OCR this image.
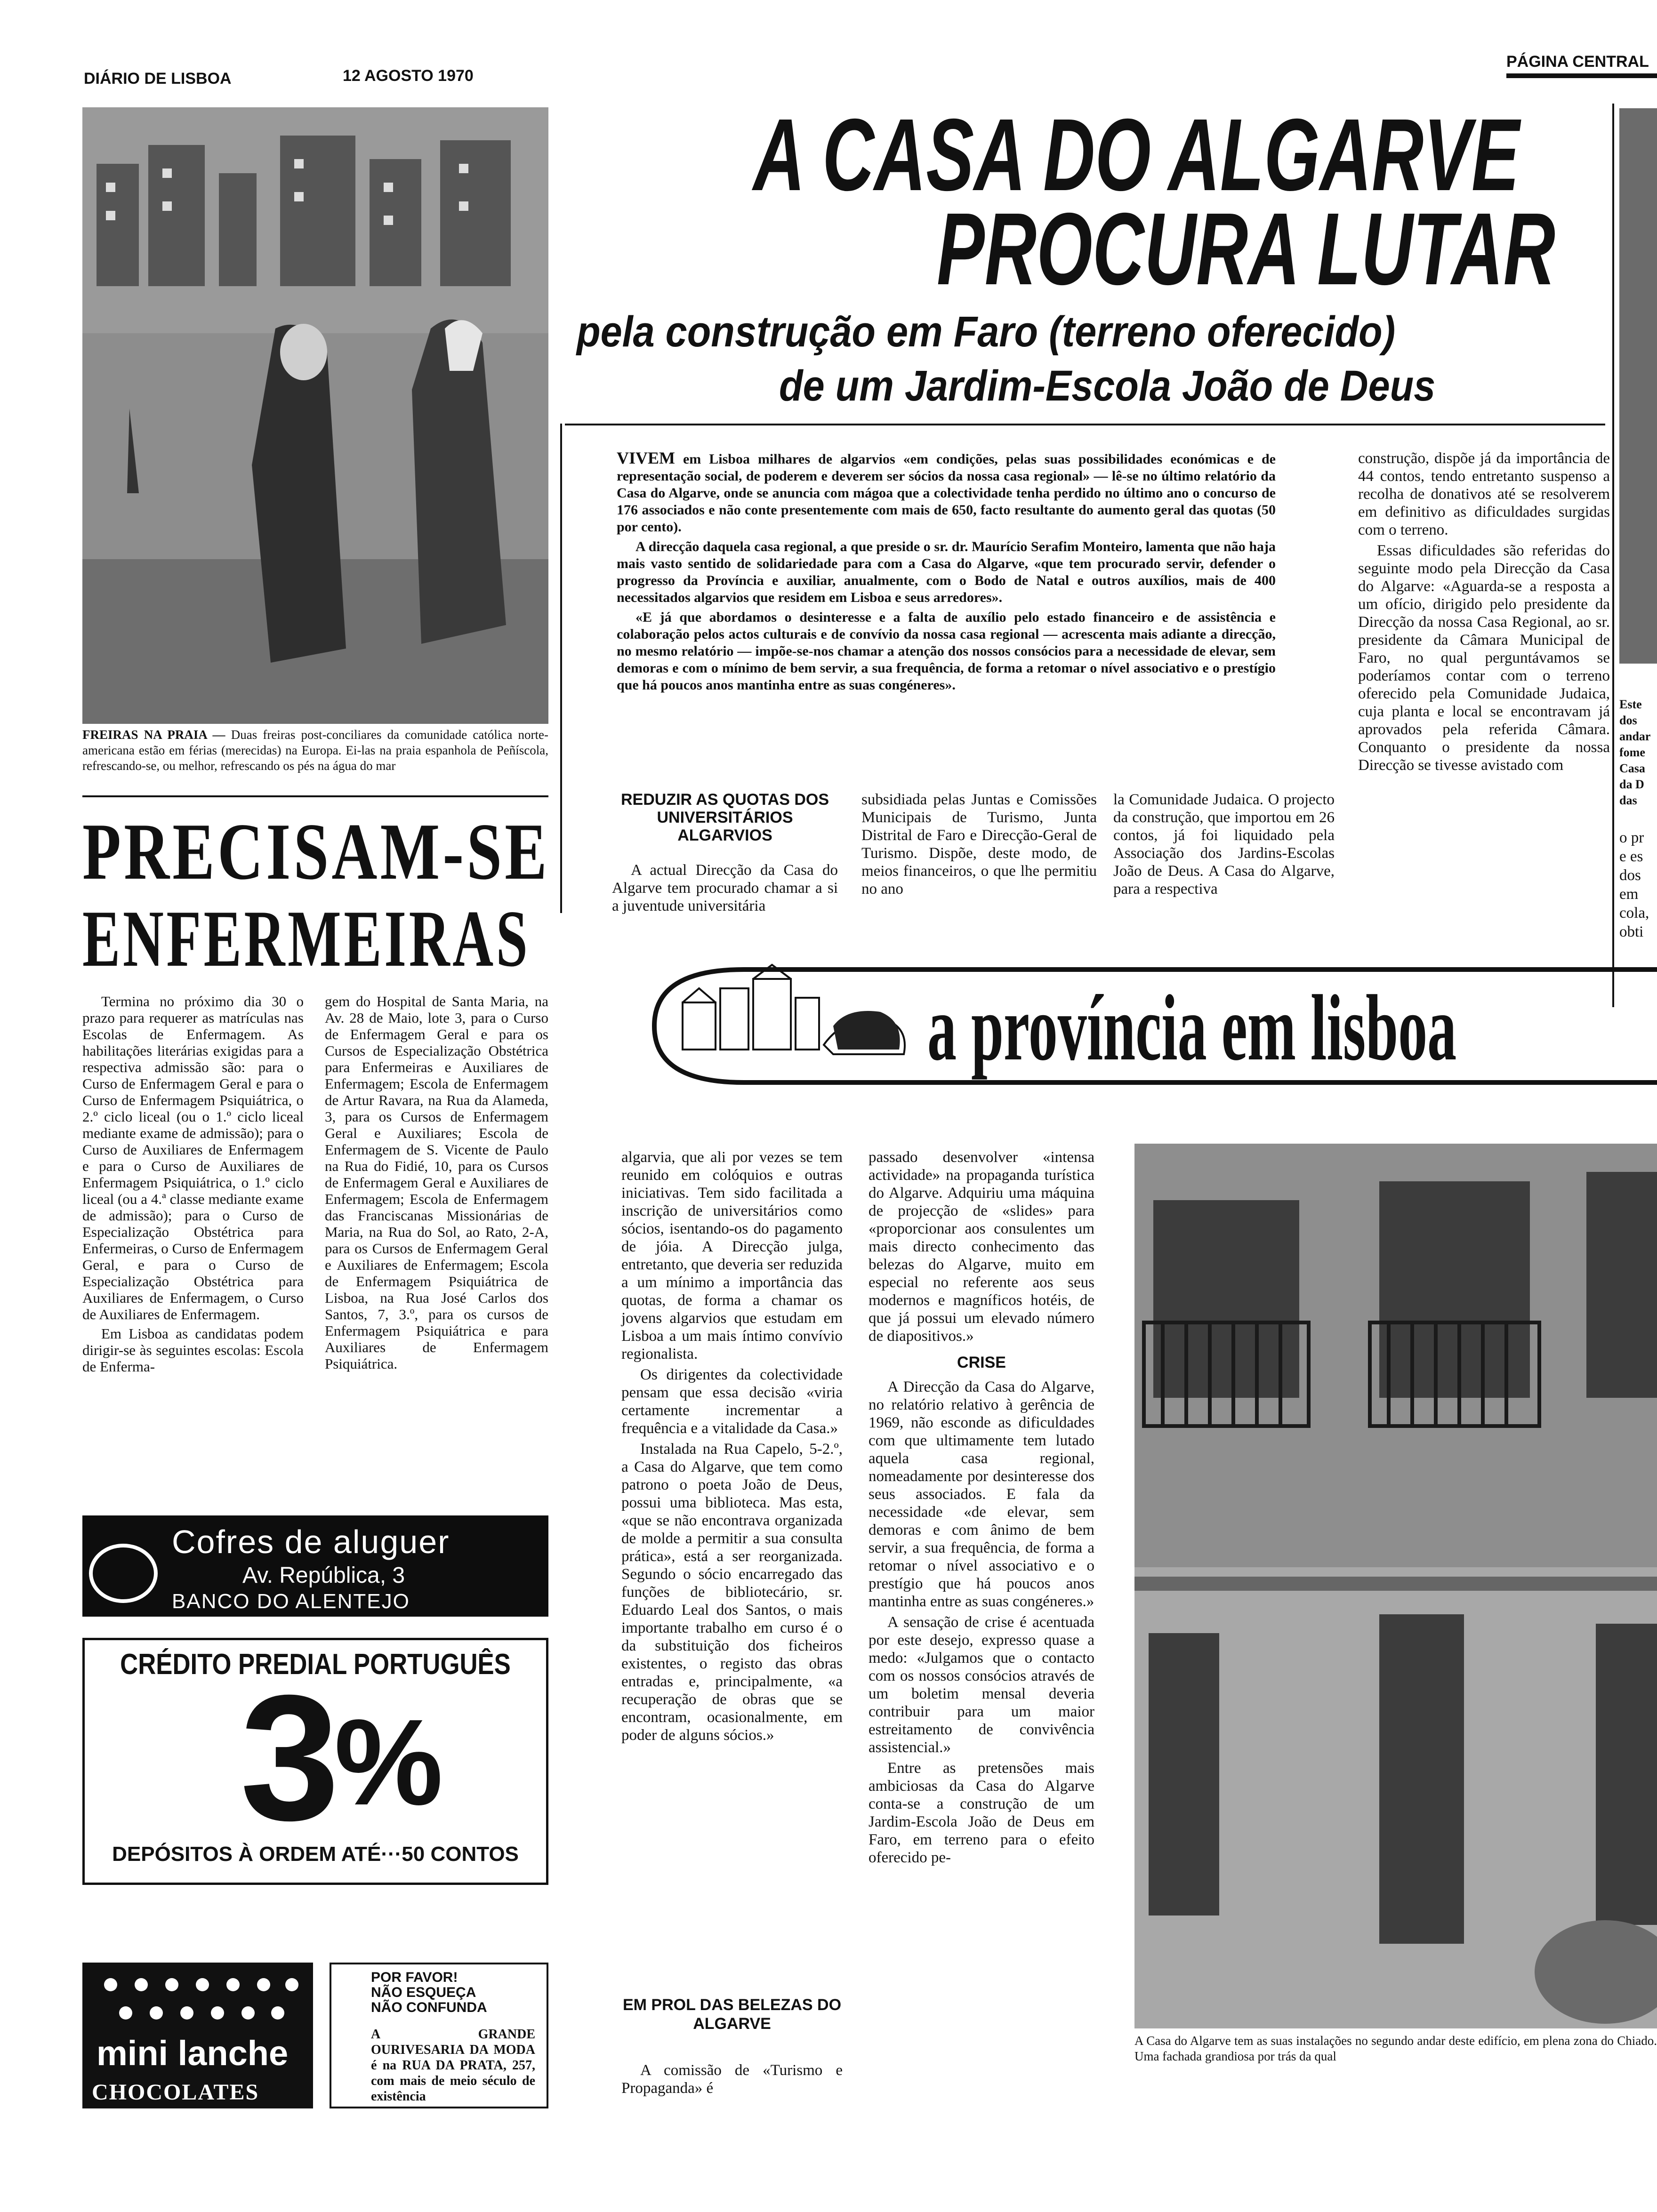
DIÁRIO DE LISBOA	12 AGOSTO 1970
PÁGINA CENTRAL
FREIRAS NA PRAIA — Duas freiras post-conciliares da comunidade católica norte-americana estão em férias (merecidas) na Europa. Ei-las na praia espanhola de Peñíscola, refrescando-se, ou melhor, refrescando os pés na água do mar
PRECISAM-SE
ENFERMEIRAS

Termina no próximo dia 30 o prazo para requerer as matrículas nas Escolas de Enfermagem. As habilitações literárias exigidas para a respectiva admissão são: para o Curso de Enfermagem Geral e para o Curso de Enfermagem Psiquiátrica, o 2.º ciclo liceal (ou o 1.º ciclo liceal mediante exame de admissão); para o Curso de Auxiliares de Enfermagem e para o Curso de Auxiliares de Enfermagem Psiquiátrica, o 1.º ciclo liceal (ou a 4.ª classe mediante exame de admissão); para o Curso de Especialização Obstétrica para Enfermeiras, o Curso de Enfermagem Geral, e para o Curso de Especialização Obstétrica para Auxiliares de Enfermagem, o Curso de Auxiliares de Enfermagem.

Em Lisboa as candidatas podem dirigir-se às seguintes escolas: Escola de Enferma-

gem do Hospital de Santa Maria, na Av. 28 de Maio, lote 3, para o Curso de Enfermagem Geral e para os Cursos de Especialização Obstétrica para Enfermeiras e Auxiliares de Enfermagem; Escola de Enfermagem de Artur Ravara, na Rua da Alameda, 3, para os Cursos de Enfermagem Geral e Auxiliares; Escola de Enfermagem de S. Vicente de Paulo na Rua do Fidié, 10, para os Cursos de Enfermagem Geral e Auxiliares de Enfermagem; Escola de Enfermagem das Franciscanas Missionárias de Maria, na Rua do Sol, ao Rato, 2-A, para os Cursos de Enfermagem Geral e Auxiliares de Enfermagem; Escola de Enfermagem Psiquiátrica de Lisboa, na Rua José Carlos dos Santos, 7, 3.º, para os cursos de Enfermagem Psiquiátrica e para Auxiliares de Enfermagem Psiquiátrica.

Cofres de aluguer
Av. República, 3
BANCO DO ALENTEJO
CRÉDITO PREDIAL PORTUGUÊS
3
%
DEPÓSITOS À ORDEM ATÉ···50 CONTOS
mini lanche
CHOCOLATES TAGIDES
POR FAVOR!
NÃO ESQUEÇA
NÃO CONFUNDA
A GRANDE OURIVESARIA DA MODA é na RUA DA PRATA, 257, com mais de meio século de existência
A CASA DO ALGARVE
PROCURA LUTAR
pela construção em Faro (terreno oferecido)
de um Jardim-Escola João de Deus

VIVEM em Lisboa milhares de algarvios «em condições, pelas suas possibilidades económicas e de representação social, de poderem e deverem ser sócios da nossa casa regional» — lê-se no último relatório da Casa do Algarve, onde se anuncia com mágoa que a colectividade tenha perdido no último ano o concurso de 176 associados e não conte presentemente com mais de 650, facto resultante do aumento geral das quotas (50 por cento).

A direcção daquela casa regional, a que preside o sr. dr. Maurício Serafim Monteiro, lamenta que não haja mais vasto sentido de solidariedade para com a Casa do Algarve, «que tem procurado servir, defender o progresso da Província e auxiliar, anualmente, com o Bodo de Natal e outros auxílios, mais de 400 necessitados algarvios que residem em Lisboa e seus arredores».

«E já que abordamos o desinteresse e a falta de auxílio pelo estado financeiro e de assistência e colaboração pelos actos culturais e de convívio da nossa casa regional — acrescenta mais adiante a direcção, no mesmo relatório — impõe-se-nos chamar a atenção dos nossos consócios para a necessidade de elevar, sem demoras e com o mínimo de bem servir, a sua frequência, de forma a retomar o nível associativo e o prestígio que há poucos anos mantinha entre as suas congéneres».

construção, dispõe já da importância de 44 contos, tendo entretanto suspenso a recolha de donativos até se resolverem em definitivo as dificuldades surgidas com o terreno.

Essas dificuldades são referidas do seguinte modo pela Direcção da Casa do Algarve: «Aguarda-se a resposta a um ofício, dirigido pelo presidente da Direcção da nossa Casa Regional, ao sr. presidente da Câmara Municipal de Faro, no qual perguntávamos se poderíamos contar com o terreno oferecido pela Comunidade Judaica, cuja planta e local se encontravam já aprovados pela referida Câmara. Conquanto o presidente da nossa Direcção se tivesse avistado com

REDUZIR AS QUOTAS DOS UNIVERSITÁRIOS ALGARVIOS

A actual Direcção da Casa do Algarve tem procurado chamar a si a juventude universitária

subsidiada pelas Juntas e Comissões Municipais de Turismo, Junta Distrital de Faro e Direcção-Geral de Turismo. Dispõe, deste modo, de meios financeiros, o que lhe permitiu no ano

la Comunidade Judaica. O projecto da construção, que importou em 26 contos, já foi liquidado pela Associação dos Jardins-Escolas João de Deus. A Casa do Algarve, para a respectiva

a província em lisboa

algarvia, que ali por vezes se tem reunido em colóquios e outras iniciativas. Tem sido facilitada a inscrição de universitários como sócios, isentando-os do pagamento de jóia. A Direcção julga, entretanto, que deveria ser reduzida a um mínimo a importância das quotas, de forma a chamar os jovens algarvios que estudam em Lisboa a um mais íntimo convívio regionalista.

Os dirigentes da colectividade pensam que essa decisão «viria certamente incrementar a frequência e a vitalidade da Casa.»

Instalada na Rua Capelo, 5-2.º, a Casa do Algarve, que tem como patrono o poeta João de Deus, possui uma biblioteca. Mas esta, «que se não encontrava organizada de molde a permitir a sua consulta prática», está a ser reorganizada. Segundo o sócio encarregado das funções de bibliotecário, sr. Eduardo Leal dos Santos, o mais importante trabalho em curso é o da substituição dos ficheiros existentes, o registo das obras entradas e, principalmente, «a recuperação de obras que se encontram, ocasionalmente, em poder de alguns sócios.»

EM PROL DAS BELEZAS DO ALGARVE

A comissão de «Turismo e Propaganda» é

passado desenvolver «intensa actividade» na propaganda turística do Algarve. Adquiriu uma máquina de projecção de «slides» para «proporcionar aos consulentes um mais directo conhecimento das belezas do Algarve, muito em especial no referente aos seus modernos e magníficos hotéis, de que já possui um elevado número de diapositivos.»

CRISE

A Direcção da Casa do Algarve, no relatório relativo à gerência de 1969, não esconde as dificuldades com que ultimamente tem lutado aquela casa regional, nomeadamente por desinteresse dos seus associados. E fala da necessidade «de elevar, sem demoras e com ânimo de bem servir, a sua frequência, de forma a retomar o nível associativo e o prestígio que há poucos anos mantinha entre as suas congéneres.»

A sensação de crise é acentuada por este desejo, expresso quase a medo: «Julgamos que o contacto com os nossos consócios através de um boletim mensal deveria contribuir para um maior estreitamento de convivência assistencial.»

Entre as pretensões mais ambiciosas da Casa do Algarve conta-se a construção de um Jardim-Escola João de Deus em Faro, em terreno para o efeito oferecido pe-

A Casa do Algarve tem as suas instalações no segundo andar deste edifício, em plena zona do Chiado. Uma fachada grandiosa por trás da qual
Este
dos
andar
fome
Casa
da D
das
o pr
e es
dos
em
cola,
obti
